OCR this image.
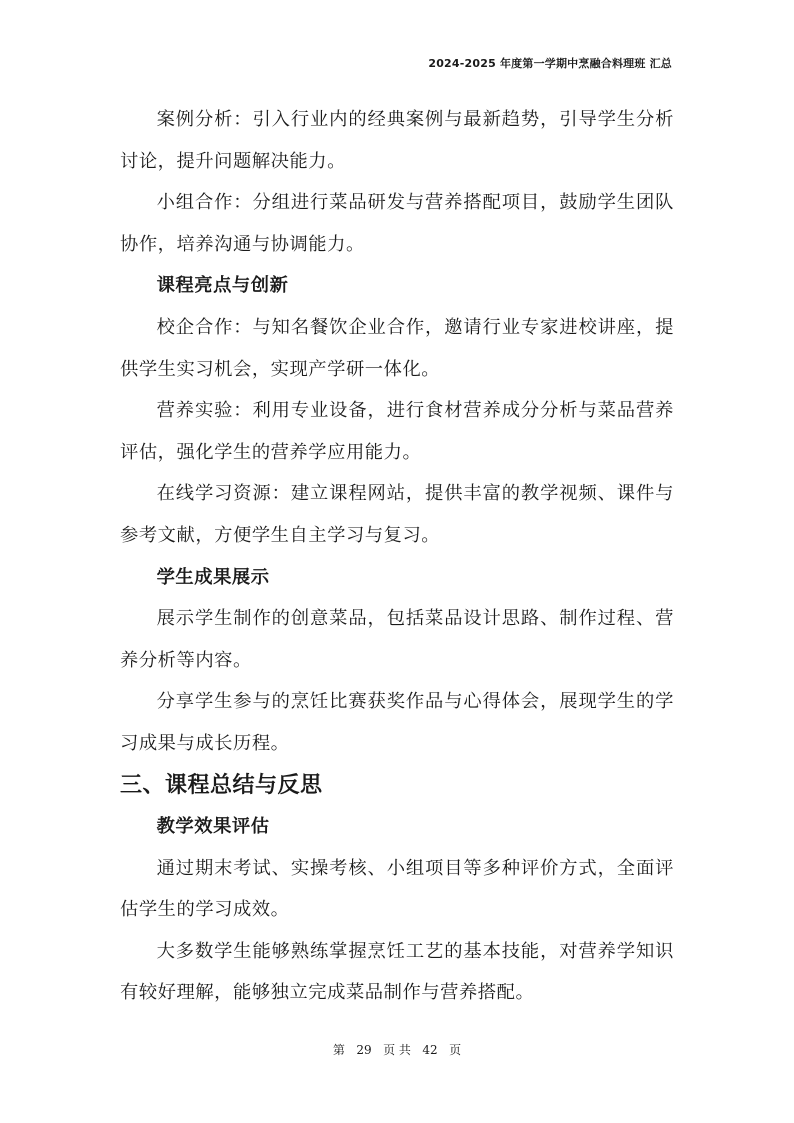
2024-2025 年度第一学期中烹融合料理班 汇总

案例分析：引入行业内的经典案例与最新趋势，引导学生分析讨论，提升问题解决能力。

小组合作：分组进行菜品研发与营养搭配项目，鼓励学生团队协作，培养沟通与协调能力。

课程亮点与创新

校企合作：与知名餐饮企业合作，邀请行业专家进校讲座，提供学生实习机会，实现产学研一体化。

营养实验：利用专业设备，进行食材营养成分分析与菜品营养评估，强化学生的营养学应用能力。

在线学习资源：建立课程网站，提供丰富的教学视频、课件与参考文献，方便学生自主学习与复习。

学生成果展示

展示学生制作的创意菜品，包括菜品设计思路、制作过程、营养分析等内容。

分享学生参与的烹饪比赛获奖作品与心得体会，展现学生的学习成果与成长历程。

三、课程总结与反思

教学效果评估

通过期末考试、实操考核、小组项目等多种评价方式，全面评估学生的学习成效。

大多数学生能够熟练掌握烹饪工艺的基本技能，对营养学知识有较好理解，能够独立完成菜品制作与营养搭配。

第 29 页 共 42 页
